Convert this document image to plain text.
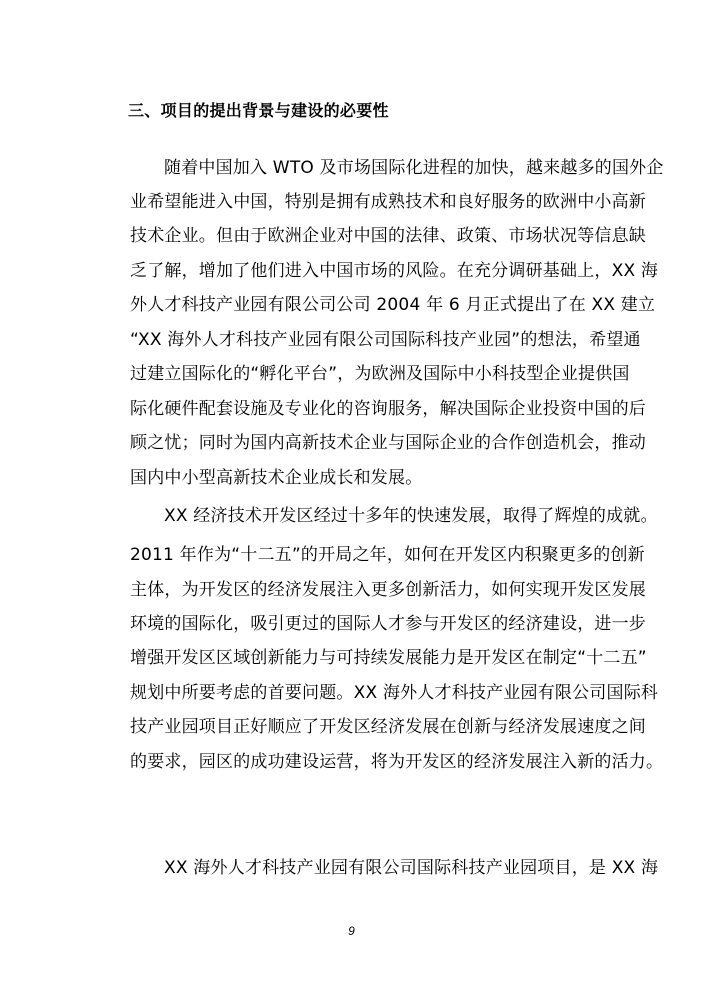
三、项目的提出背景与建设的必要性
随着中国加入 WTO 及市场国际化进程的加快，越来越多的国外企
业希望能进入中国，特别是拥有成熟技术和良好服务的欧洲中小高新
技术企业。但由于欧洲企业对中国的法律、政策、市场状况等信息缺
乏了解，增加了他们进入中国市场的风险。在充分调研基础上，XX 海
外人才科技产业园有限公司公司 2004 年 6 月正式提出了在 XX 建立
“XX 海外人才科技产业园有限公司国际科技产业园”的想法，希望通
过建立国际化的“孵化平台”，为欧洲及国际中小科技型企业提供国
际化硬件配套设施及专业化的咨询服务，解决国际企业投资中国的后
顾之忧；同时为国内高新技术企业与国际企业的合作创造机会，推动
国内中小型高新技术企业成长和发展。
XX 经济技术开发区经过十多年的快速发展，取得了辉煌的成就。
2011 年作为“十二五”的开局之年，如何在开发区内积聚更多的创新
主体，为开发区的经济发展注入更多创新活力，如何实现开发区发展
环境的国际化，吸引更过的国际人才参与开发区的经济建设，进一步
增强开发区区域创新能力与可持续发展能力是开发区在制定“十二五”
规划中所要考虑的首要问题。XX 海外人才科技产业园有限公司国际科
技产业园项目正好顺应了开发区经济发展在创新与经济发展速度之间
的要求，园区的成功建设运营，将为开发区的经济发展注入新的活力。
XX 海外人才科技产业园有限公司国际科技产业园项目，是 XX 海
9
